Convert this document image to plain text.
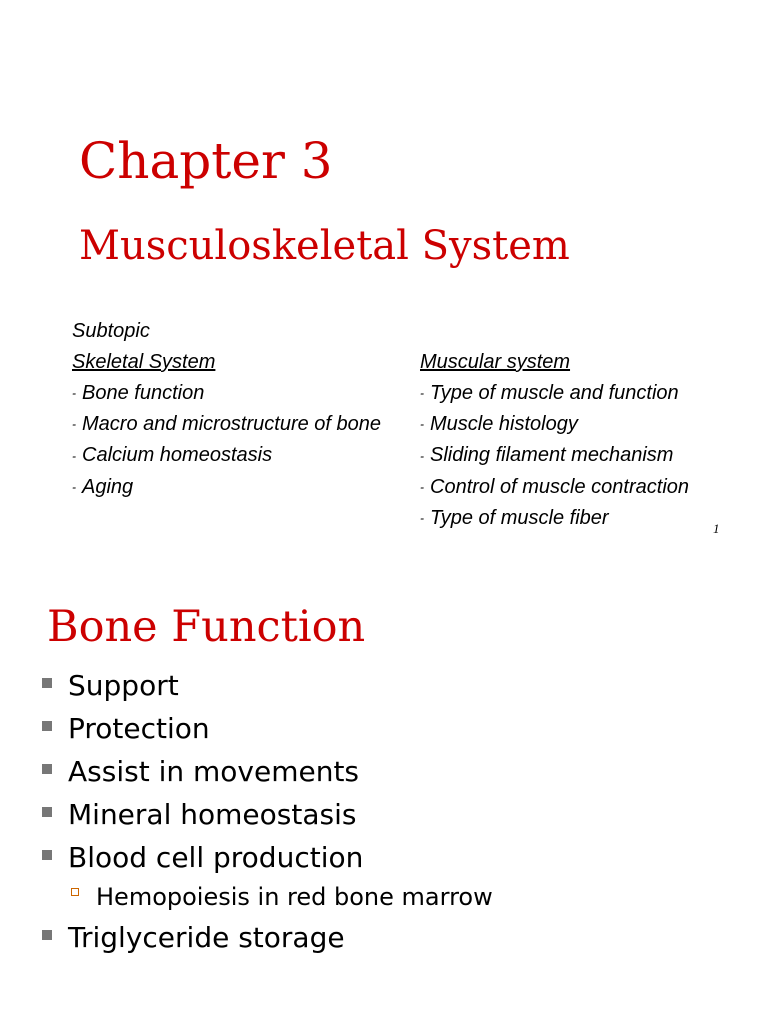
Chapter 3
Musculoskeletal System
Subtopic
Skeletal System
- Bone function
- Macro and microstructure of bone
- Calcium homeostasis
- Aging
Muscular system
- Type of muscle and function
- Muscle histology
- Sliding filament mechanism
- Control of muscle contraction
- Type of muscle fiber	1
Bone Function
Support
Protection
Assist in movements
Mineral homeostasis
Blood cell production
Hemopoiesis in red bone marrow
Triglyceride storage
